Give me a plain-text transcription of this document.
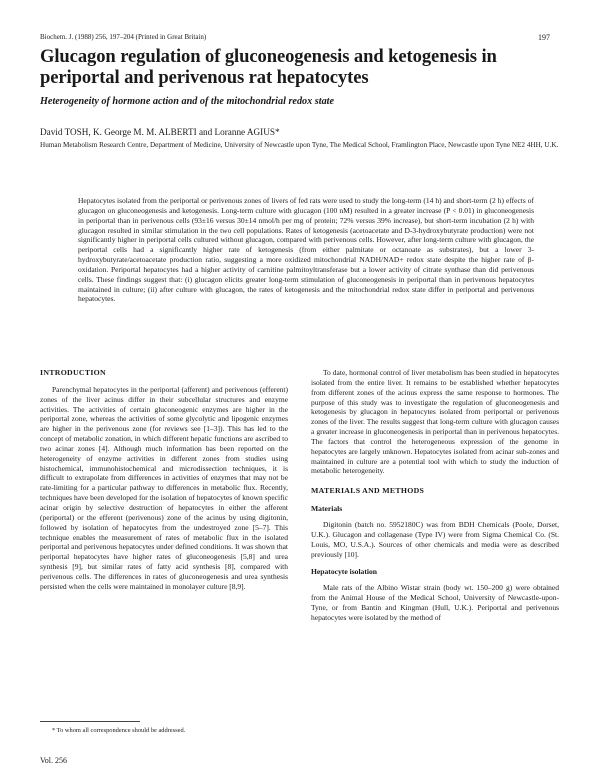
Biochem. J. (1988) 256, 197–204 (Printed in Great Britain)	197
Glucagon regulation of gluconeogenesis and ketogenesis in periportal and perivenous rat hepatocytes
Heterogeneity of hormone action and of the mitochondrial redox state
David TOSH, K. George M. M. ALBERTI and Loranne AGIUS*
Human Metabolism Research Centre, Department of Medicine, University of Newcastle upon Tyne, The Medical School, Framlington Place, Newcastle upon Tyne NE2 4HH, U.K.
Hepatocytes isolated from the periportal or perivenous zones of livers of fed rats were used to study the long-term (14 h) and short-term (2 h) effects of glucagon on gluconeogenesis and ketogenesis. Long-term culture with glucagon (100 nM) resulted in a greater increase (P < 0.01) in gluconeogenesis in periportal than in perivenous cells (93±16 versus 30±14 nmol/h per mg of protein; 72% versus 39% increase), but short-term incubation (2 h) with glucagon resulted in similar stimulation in the two cell populations. Rates of ketogenesis (acetoacetate and D-3-hydroxybutyrate production) were not significantly higher in periportal cells cultured without glucagon, compared with perivenous cells. However, after long-term culture with glucagon, the periportal cells had a significantly higher rate of ketogenesis (from either palmitate or octanoate as substrates), but a lower 3-hydroxybutyrate/acetoacetate production ratio, suggesting a more oxidized mitochondrial NADH/NAD+ redox state despite the higher rate of β-oxidation. Periportal hepatocytes had a higher activity of carnitine palmitoyltransferase but a lower activity of citrate synthase than did perivenous cells. These findings suggest that: (i) glucagon elicits greater long-term stimulation of gluconeogenesis in periportal than in perivenous hepatocytes maintained in culture; (ii) after culture with glucagon, the rates of ketogenesis and the mitochondrial redox state differ in periportal and perivenous hepatocytes.
INTRODUCTION

Parenchymal hepatocytes in the periportal (afferent) and perivenous (efferent) zones of the liver acinus differ in their subcellular structures and enzyme activities. The activities of certain gluconeogenic enzymes are higher in the periportal zone, whereas the activities of some glycolytic and lipogenic enzymes are higher in the perivenous zone (for reviews see [1–3]). This has led to the concept of metabolic zonation, in which different hepatic functions are ascribed to two acinar zones [4]. Although much information has been reported on the heterogeneity of enzyme activities in different zones from studies using histochemical, immunohistochemical and microdissection techniques, it is difficult to extrapolate from differences in activities of enzymes that may not be rate-limiting for a particular pathway to differences in metabolic flux. Recently, techniques have been developed for the isolation of hepatocytes of known specific acinar origin by selective destruction of hepatocytes in either the afferent (periportal) or the efferent (perivenous) zone of the acinus by using digitonin, followed by isolation of hepatocytes from the undestroyed zone [5–7]. This technique enables the measurement of rates of metabolic flux in the isolated periportal and perivenous hepatocytes under defined conditions. It was shown that periportal hepatocytes have higher rates of gluconeogenesis [5,8] and urea synthesis [9], but similar rates of fatty acid synthesis [8], compared with perivenous cells. The differences in rates of gluconeogenesis and urea synthesis persisted when the cells were maintained in monolayer culture [8,9].

To date, hormonal control of liver metabolism has been studied in hepatocytes isolated from the entire liver. It remains to be established whether hepatocytes from different zones of the acinus express the same response to hormones. The purpose of this study was to investigate the regulation of gluconeogenesis and ketogenesis by glucagon in hepatocytes isolated from periportal or perivenous zones of the liver. The results suggest that long-term culture with glucagon causes a greater increase in gluconeogenesis in periportal than in perivenous hepatocytes. The factors that control the heterogeneous expression of the genome in hepatocytes are largely unknown. Hepatocytes isolated from acinar sub-zones and maintained in culture are a potential tool with which to study the induction of metabolic heterogeneity.

MATERIALS AND METHODS
Materials

Digitonin (batch no. 5952180C) was from BDH Chemicals (Poole, Dorset, U.K.). Glucagon and collagenase (Type IV) were from Sigma Chemical Co. (St. Louis, MO, U.S.A.). Sources of other chemicals and media were as described previously [10].

Hepatocyte isolation

Male rats of the Albino Wistar strain (body wt. 150–200 g) were obtained from the Animal House of the Medical School, University of Newcastle-upon-Tyne, or from Bantin and Kingman (Hull, U.K.). Periportal and perivenous hepatocytes were isolated by the method of

* To whom all correspondence should be addressed.
Vol. 256
